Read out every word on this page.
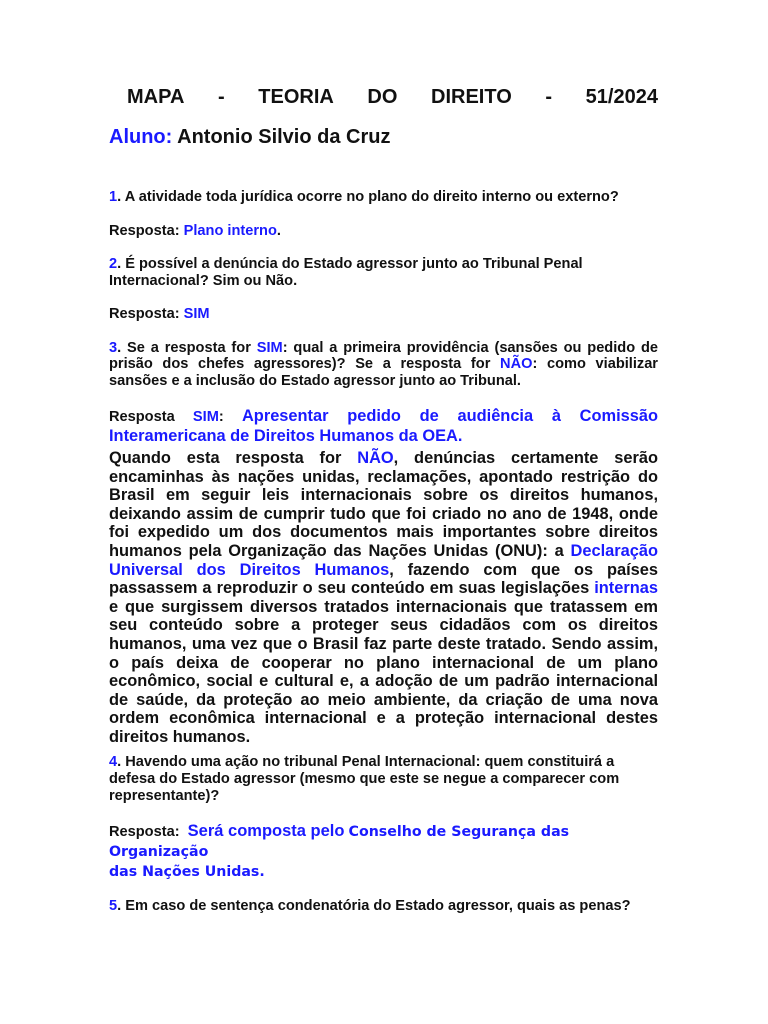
MAPA - TEORIA DO DIREITO - 51/2024
Aluno: Antonio Silvio da Cruz

1. A atividade toda jurídica ocorre no plano do direito interno ou externo?

Resposta: Plano interno.

2. É possível a denúncia do Estado agressor junto ao Tribunal Penal Internacional? Sim ou Não.

Resposta: SIM

3. Se a resposta for SIM: qual a primeira providência (sansões ou pedido de prisão dos chefes agressores)? Se a resposta for NÃO: como viabilizar sansões e a inclusão do Estado agressor junto ao Tribunal.

Resposta SIM: Apresentar pedido de audiência à Comissão Interamericana de Direitos Humanos da OEA.

Quando esta resposta for NÃO, denúncias certamente serão encaminhas às nações unidas, reclamações, apontado restrição do Brasil em seguir leis internacionais sobre os direitos humanos, deixando assim de cumprir tudo que foi criado no ano de 1948, onde foi expedido um dos documentos mais importantes sobre direitos humanos pela Organização das Nações Unidas (ONU): a Declaração Universal dos Direitos Humanos, fazendo com que os países passassem a reproduzir o seu conteúdo em suas legislações internas e que surgissem diversos tratados internacionais que tratassem em seu conteúdo sobre a proteger seus cidadãos com os direitos humanos, uma vez que o Brasil faz parte deste tratado. Sendo assim, o país deixa de cooperar no plano internacional de um plano econômico, social e cultural e, a adoção de um padrão internacional de saúde, da proteção ao meio ambiente, da criação de uma nova ordem econômica internacional e a proteção internacional destes direitos humanos.

4. Havendo uma ação no tribunal Penal Internacional: quem constituirá a defesa do Estado agressor (mesmo que este se negue a comparecer com representante)?

Resposta: Será composta pelo Conselho de Segurança das Organização
das Nações Unidas.

5. Em caso de sentença condenatória do Estado agressor, quais as penas?
